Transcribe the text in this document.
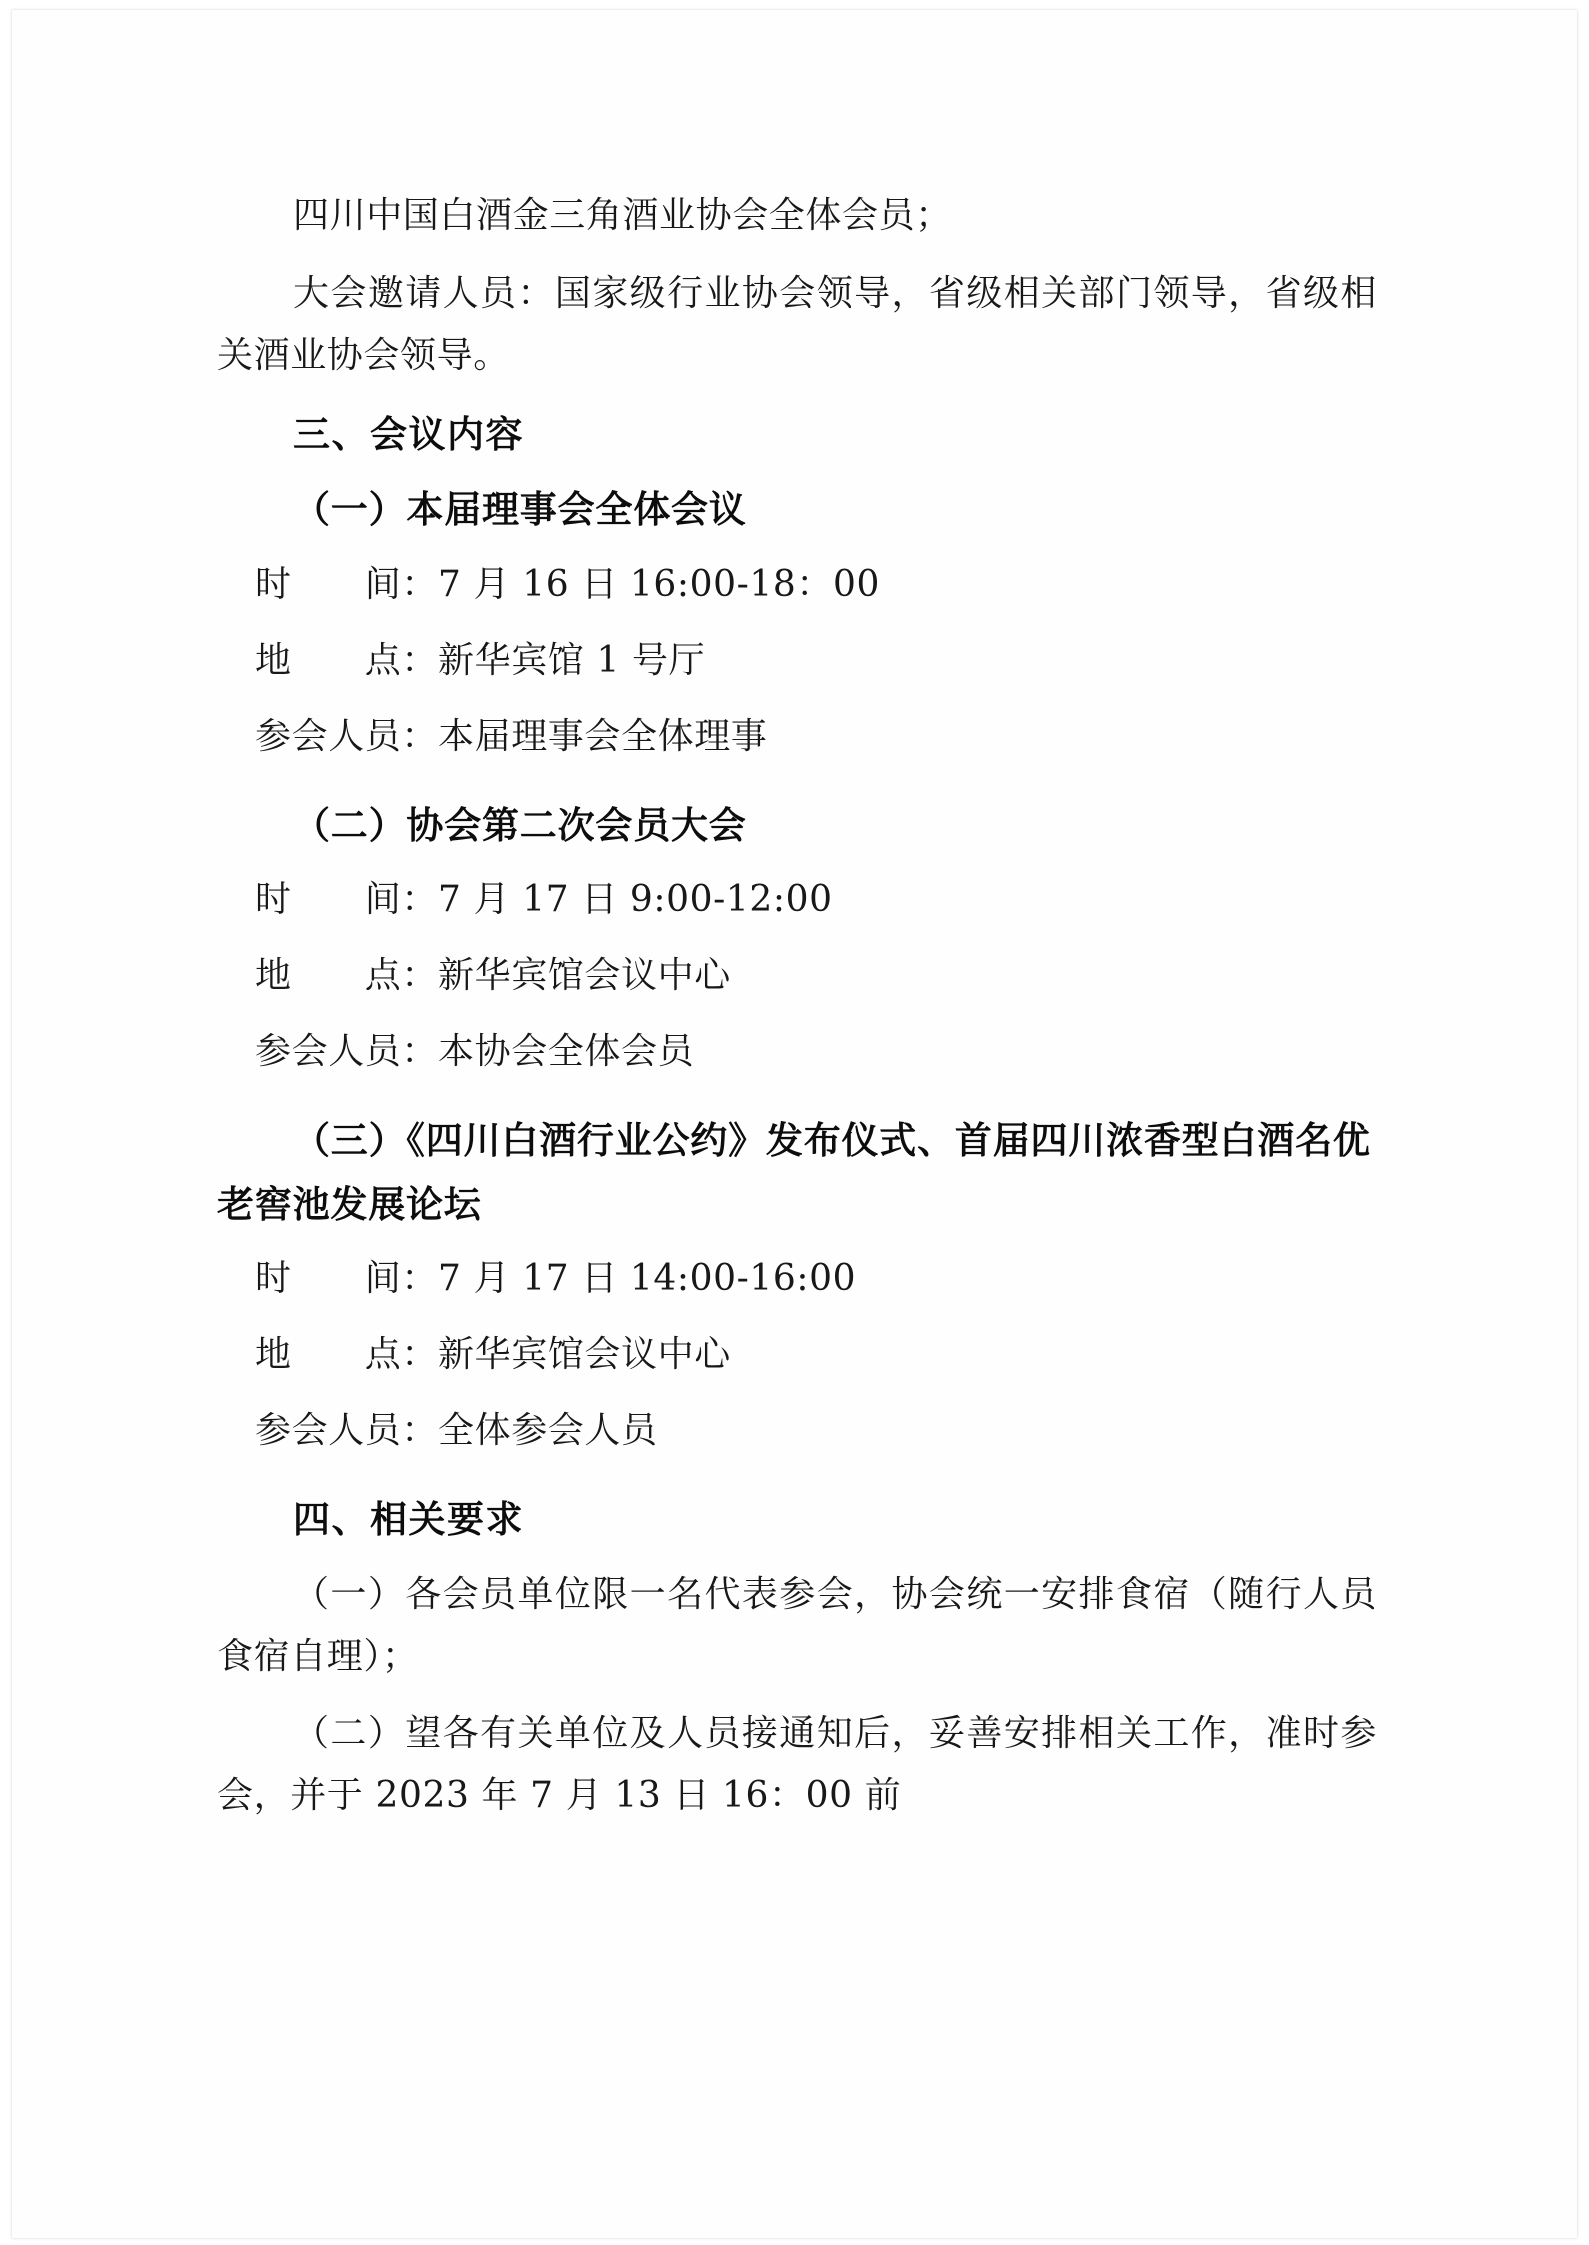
四川中国白酒金三角酒业协会全体会员；

大会邀请人员：国家级行业协会领导，省级相关部门领导，省级相关酒业协会领导。

三、会议内容
（一）本届理事会全体会议

时　　间：7 月 16 日 16:00-18：00

地　　点：新华宾馆 1 号厅

参会人员：本届理事会全体理事

（二）协会第二次会员大会

时　　间：7 月 17 日 9:00-12:00

地　　点：新华宾馆会议中心

参会人员：本协会全体会员

（三）《四川白酒行业公约》发布仪式、首届四川浓香型白酒名优老窖池发展论坛

时　　间：7 月 17 日 14:00-16:00

地　　点：新华宾馆会议中心

参会人员：全体参会人员

四、相关要求

（一）各会员单位限一名代表参会，协会统一安排食宿（随行人员食宿自理）；

（二）望各有关单位及人员接通知后，妥善安排相关工作，准时参会，并于 2023 年 7 月 13 日 16：00 前
